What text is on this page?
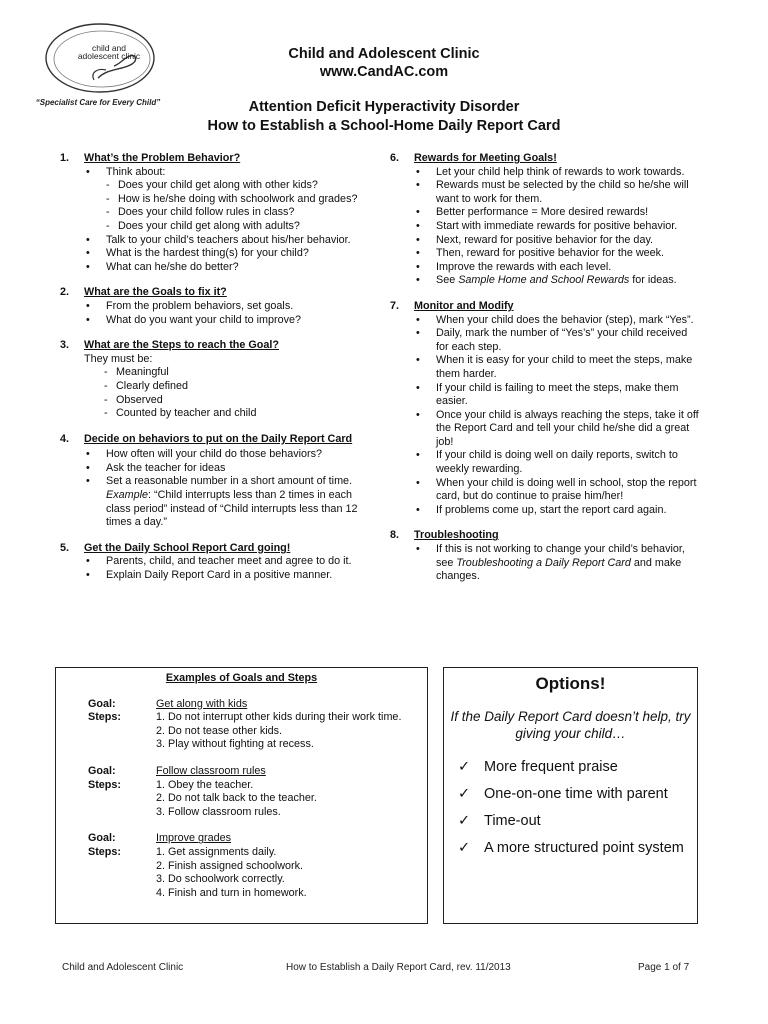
child and adolescent clinic
“Specialist Care for Every Child”
Child and Adolescent Clinic
www.CandAC.com
Attention Deficit Hyperactivity Disorder
How to Establish a School-Home Daily Report Card
1.	What’s the Problem Behavior?
• Think about:
- Does your child get along with other kids?
- How is he/she doing with schoolwork and grades?
- Does your child follow rules in class?
- Does your child get along with adults?
• Talk to your child’s teachers about his/her behavior.
• What is the hardest thing(s) for your child?
• What can he/she do better?
2.	What are the Goals to fix it?
• From the problem behaviors, set goals.
• What do you want your child to improve?
3.	What are the Steps to reach the Goal?
They must be:
- Meaningful
- Clearly defined
- Observed
- Counted by teacher and child
4. Decide on behaviors to put on the Daily Report Card
• How often will your child do those behaviors?
• Ask the teacher for ideas
• Set a reasonable number in a short amount of time. Example: “Child interrupts less than 2 times in each class period” instead of “Child interrupts less than 12 times a day.”
5.	Get the Daily School Report Card going!
• Parents, child, and teacher meet and agree to do it.
• Explain Daily Report Card in a positive manner.
6.	Rewards for Meeting Goals!
• Let your child help think of rewards to work towards.
• Rewards must be selected by the child so he/she will want to work for them.
• Better performance = More desired rewards!
• Start with immediate rewards for positive behavior.
• Next, reward for positive behavior for the day.
• Then, reward for positive behavior for the week.
• Improve the rewards with each level.
• See Sample Home and School Rewards for ideas.
7.	Monitor and Modify
• When your child does the behavior (step), mark “Yes”.
• Daily, mark the number of “Yes’s” your child received for each step.
• When it is easy for your child to meet the steps, make them harder.
• If your child is failing to meet the steps, make them easier.
• Once your child is always reaching the steps, take it off the Report Card and tell your child he/she did a great job!
• If your child is doing well on daily reports, switch to weekly rewarding.
• When your child is doing well in school, stop the report card, but do continue to praise him/her!
• If problems come up, start the report card again.
8.	Troubleshooting
• If this is not working to change your child’s behavior, see Troubleshooting a Daily Report Card and make changes.
Examples of Goals and Steps
Goal:	Get along with kids
Steps:	1. Do not interrupt other kids during their work time.
2. Do not tease other kids.
3. Play without fighting at recess.
Goal:	Follow classroom rules
Steps:	1. Obey the teacher.
2. Do not talk back to the teacher.
3. Follow classroom rules.
Goal:	Improve grades
Steps:	1. Get assignments daily.
2. Finish assigned schoolwork.
3. Do schoolwork correctly.
4. Finish and turn in homework.
Options!
If the Daily Report Card doesn’t help, try giving your child…
✓ More frequent praise
✓ One-on-one time with parent
✓ Time-out
✓ A more structured point system
Child and Adolescent Clinic	How to Establish a Daily Report Card, rev. 11/2013	Page 1 of 7
